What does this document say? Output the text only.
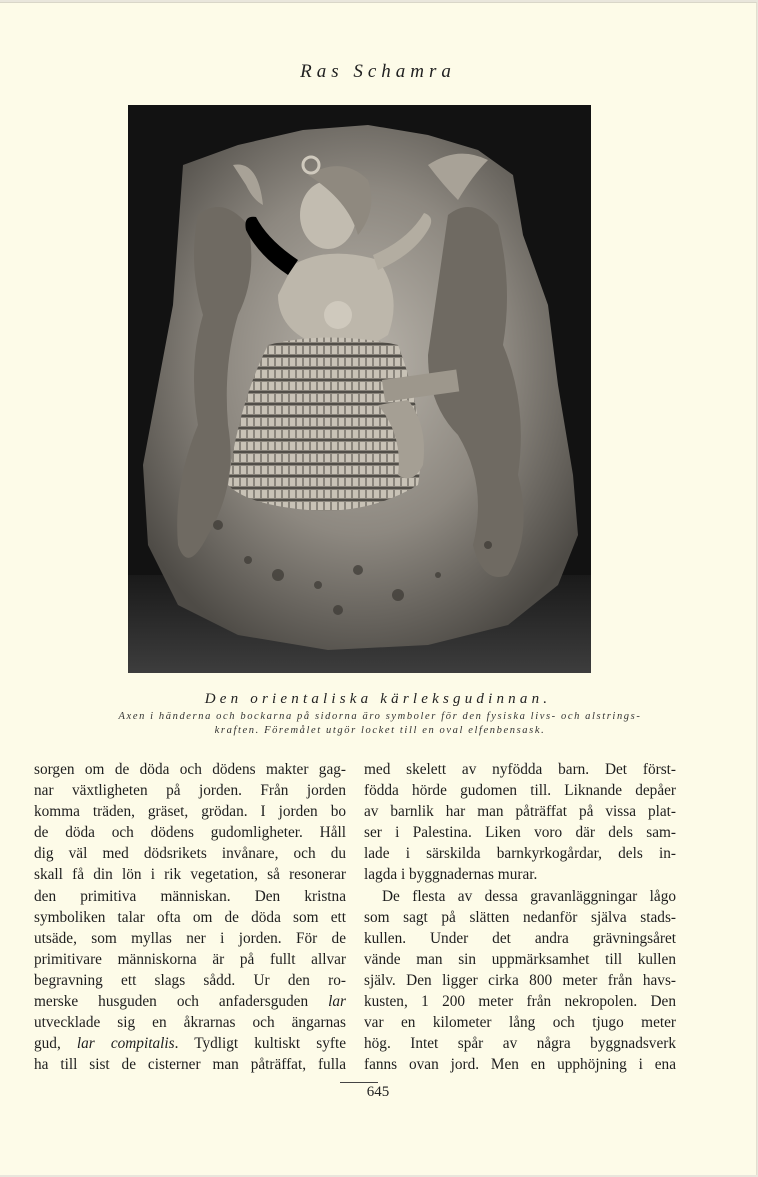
Ras Schamra
Den orientaliska kärleksgudinnan.
Axen i händerna och bockarna på sidorna äro symboler för den fysiska livs- och alstrings-
kraften. Föremålet utgör locket till en oval elfenbensask.
sorgen om de döda och dödens makter gag-
nar växtligheten på jorden. Från jorden
komma träden, gräset, grödan. I jorden bo
de döda och dödens gudomligheter. Håll
dig väl med dödsrikets invånare, och du
skall få din lön i rik vegetation, så resonerar
den primitiva människan. Den kristna
symboliken talar ofta om de döda som ett
utsäde, som myllas ner i jorden. För de
primitivare människorna är på fullt allvar
begravning ett slags sådd. Ur den ro-
merske husguden och anfadersguden lar
utvecklade sig en åkrarnas och ängarnas
gud, lar compitalis. Tydligt kultiskt syfte
ha till sist de cisterner man påträffat, fulla
med skelett av nyfödda barn. Det först-
födda hörde gudomen till. Liknande depåer
av barnlik har man påträffat på vissa plat-
ser i Palestina. Liken voro där dels sam-
lade i särskilda barnkyrkogårdar, dels in-
lagda i byggnadernas murar.
De flesta av dessa gravanläggningar lågo
som sagt på slätten nedanför själva stads-
kullen. Under det andra grävningsåret
vände man sin uppmärksamhet till kullen
själv. Den ligger cirka 800 meter från havs-
kusten, 1 200 meter från nekropolen. Den
var en kilometer lång och tjugo meter
hög. Intet spår av några byggnadsverk
fanns ovan jord. Men en upphöjning i ena
645
